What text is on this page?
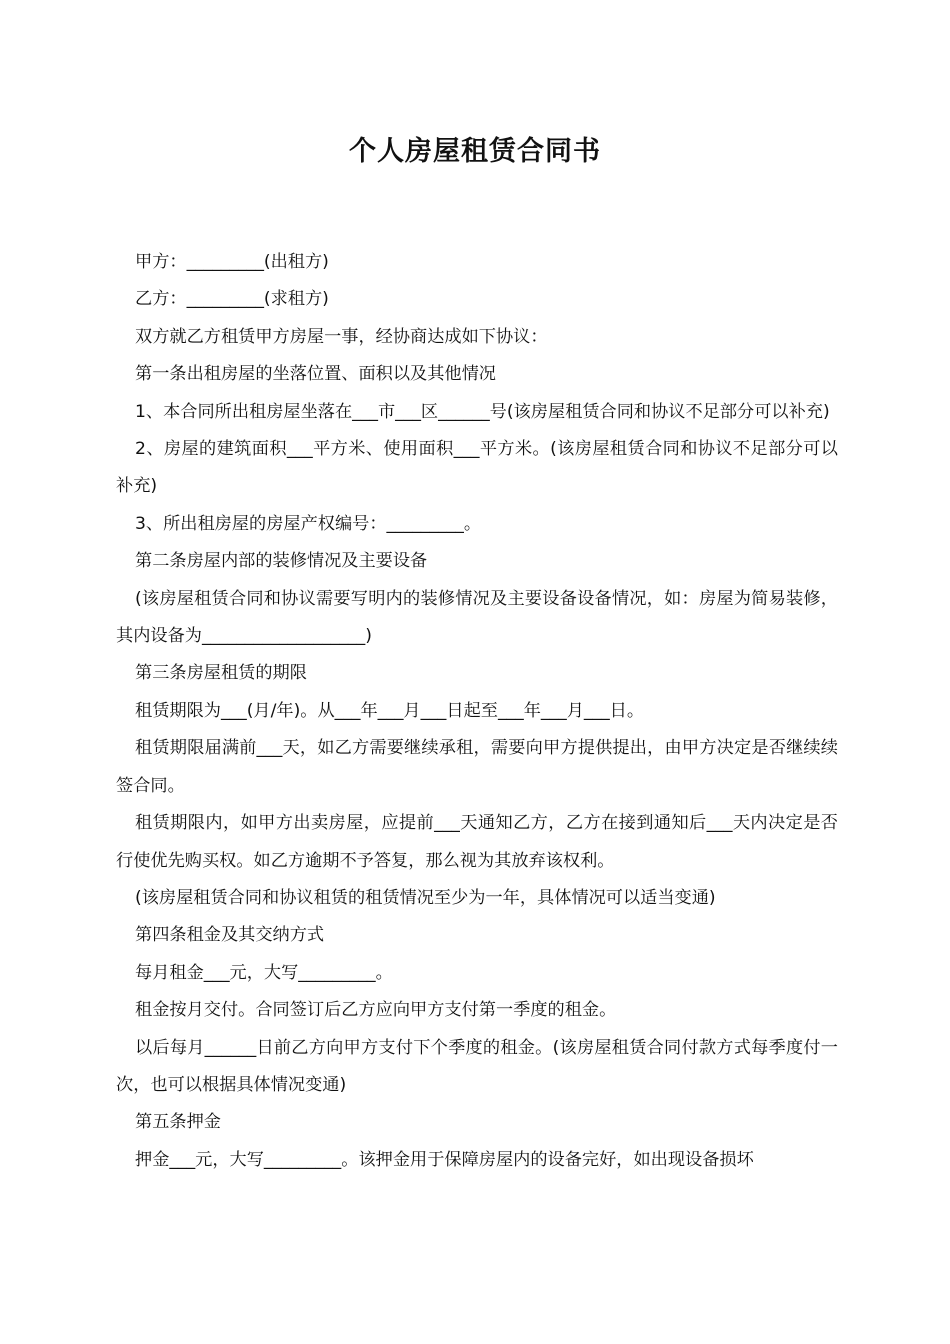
个人房屋租赁合同书

甲方：_________(出租方)

乙方：_________(求租方)

双方就乙方租赁甲方房屋一事，经协商达成如下协议：

第一条出租房屋的坐落位置、面积以及其他情况

1、本合同所出租房屋坐落在___市___区______号(该房屋租赁合同和协议不足部分可以补充)

2、房屋的建筑面积___平方米、使用面积___平方米。(该房屋租赁合同和协议不足部分可以补充)

3、所出租房屋的房屋产权编号：_________。

第二条房屋内部的装修情况及主要设备

(该房屋租赁合同和协议需要写明内的装修情况及主要设备设备情况，如：房屋为简易装修，其内设备为___________________)

第三条房屋租赁的期限

租赁期限为___(月/年)。从___年___月___日起至___年___月___日。

租赁期限届满前___天，如乙方需要继续承租，需要向甲方提供提出，由甲方决定是否继续续签合同。

租赁期限内，如甲方出卖房屋，应提前___天通知乙方，乙方在接到通知后___天内决定是否行使优先购买权。如乙方逾期不予答复，那么视为其放弃该权利。

(该房屋租赁合同和协议租赁的租赁情况至少为一年，具体情况可以适当变通)

第四条租金及其交纳方式

每月租金___元，大写_________。

租金按月交付。合同签订后乙方应向甲方支付第一季度的租金。

以后每月______日前乙方向甲方支付下个季度的租金。(该房屋租赁合同付款方式每季度付一次，也可以根据具体情况变通)

第五条押金

押金___元，大写_________。该押金用于保障房屋内的设备完好，如出现设备损坏
